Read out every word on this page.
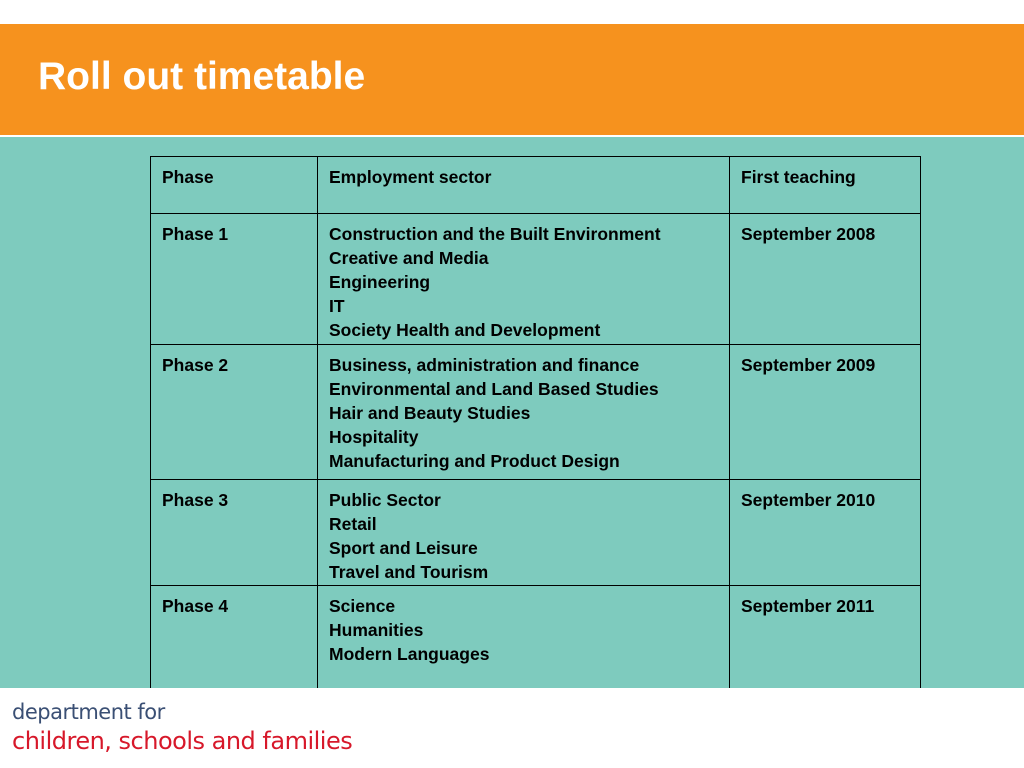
Roll out timetable
Phase	Employment sector	First teaching
Phase 1	Construction and the Built Environment
Creative and Media
Engineering
IT
Society Health and Development	September 2008
Phase 2	Business, administration and finance
Environmental and Land Based Studies
Hair and Beauty Studies
Hospitality
Manufacturing and Product Design	September 2009
Phase 3	Public Sector
Retail
Sport and Leisure
Travel and Tourism	September 2010
Phase 4	Science
Humanities
Modern Languages	September 2011
department for
children, schools and families
